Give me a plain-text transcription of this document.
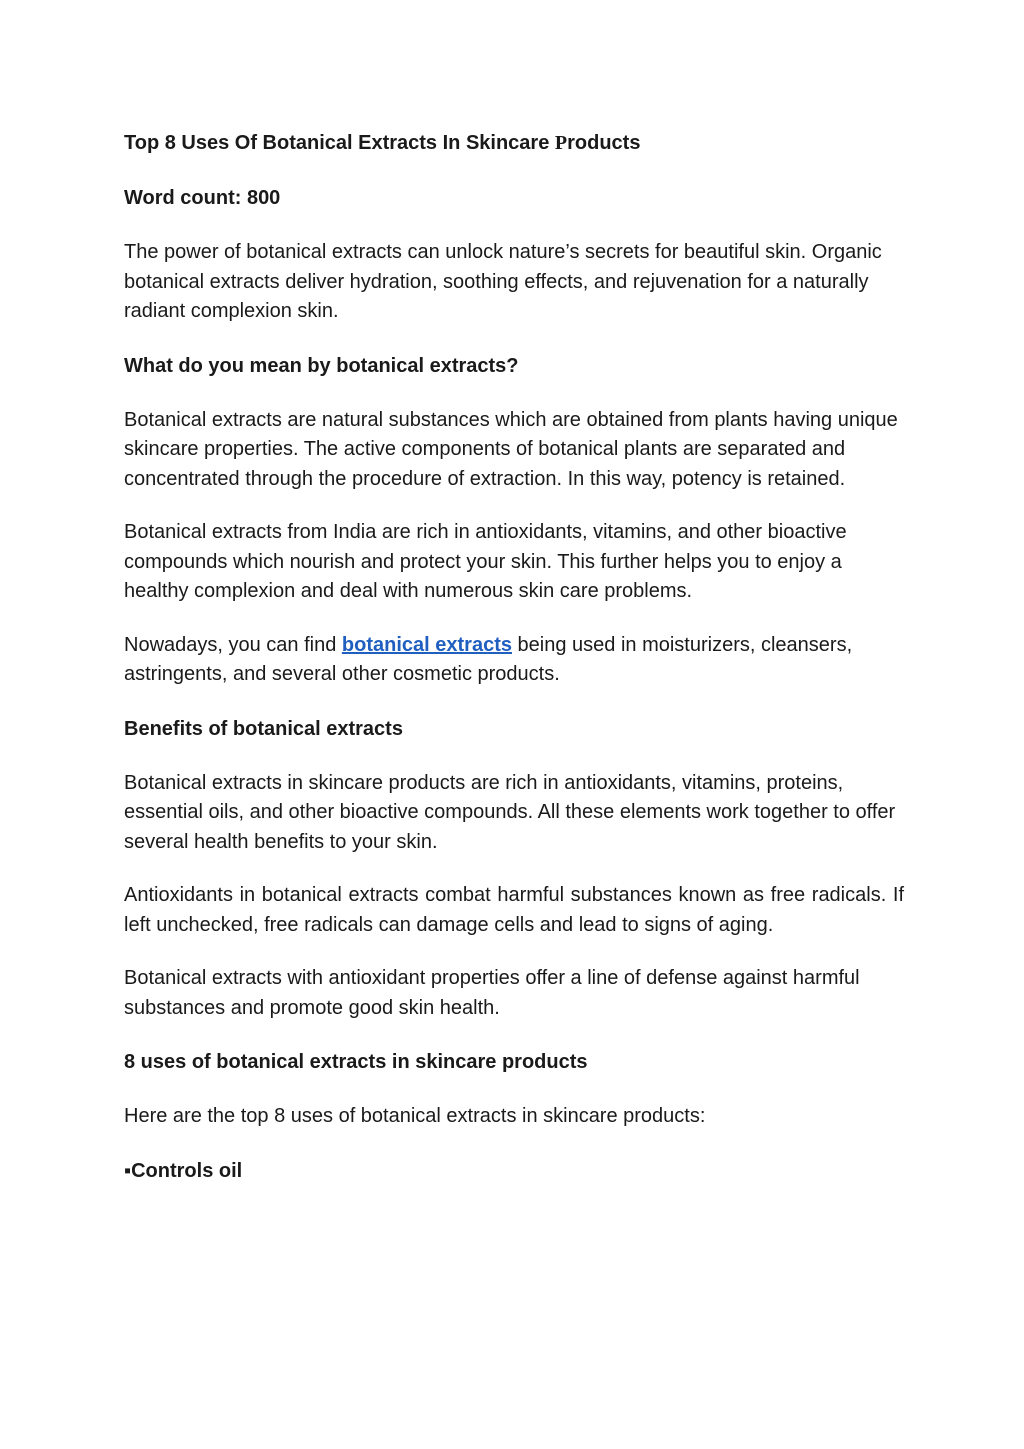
Top 8 Uses Of Botanical Extracts In Skincare Products
Word count: 800

The power of botanical extracts can unlock nature’s secrets for beautiful skin. Organic botanical extracts deliver hydration, soothing effects, and rejuvenation for a naturally radiant complexion skin.

What do you mean by botanical extracts?

Botanical extracts are natural substances which are obtained from plants having unique skincare properties. The active components of botanical plants are separated and concentrated through the procedure of extraction. In this way, potency is retained.

Botanical extracts from India are rich in antioxidants, vitamins, and other bioactive compounds which nourish and protect your skin. This further helps you to enjoy a healthy complexion and deal with numerous skin care problems.

Nowadays, you can find botanical extracts being used in moisturizers, cleansers, astringents, and several other cosmetic products.

Benefits of botanical extracts

Botanical extracts in skincare products are rich in antioxidants, vitamins, proteins, essential oils, and other bioactive compounds. All these elements work together to offer several health benefits to your skin.

Antioxidants in botanical extracts combat harmful substances known as free radicals. If left unchecked, free radicals can damage cells and lead to signs of aging.

Botanical extracts with antioxidant properties offer a line of defense against harmful substances and promote good skin health.

8 uses of botanical extracts in skincare products

Here are the top 8 uses of botanical extracts in skincare products:

▪Controls oil
